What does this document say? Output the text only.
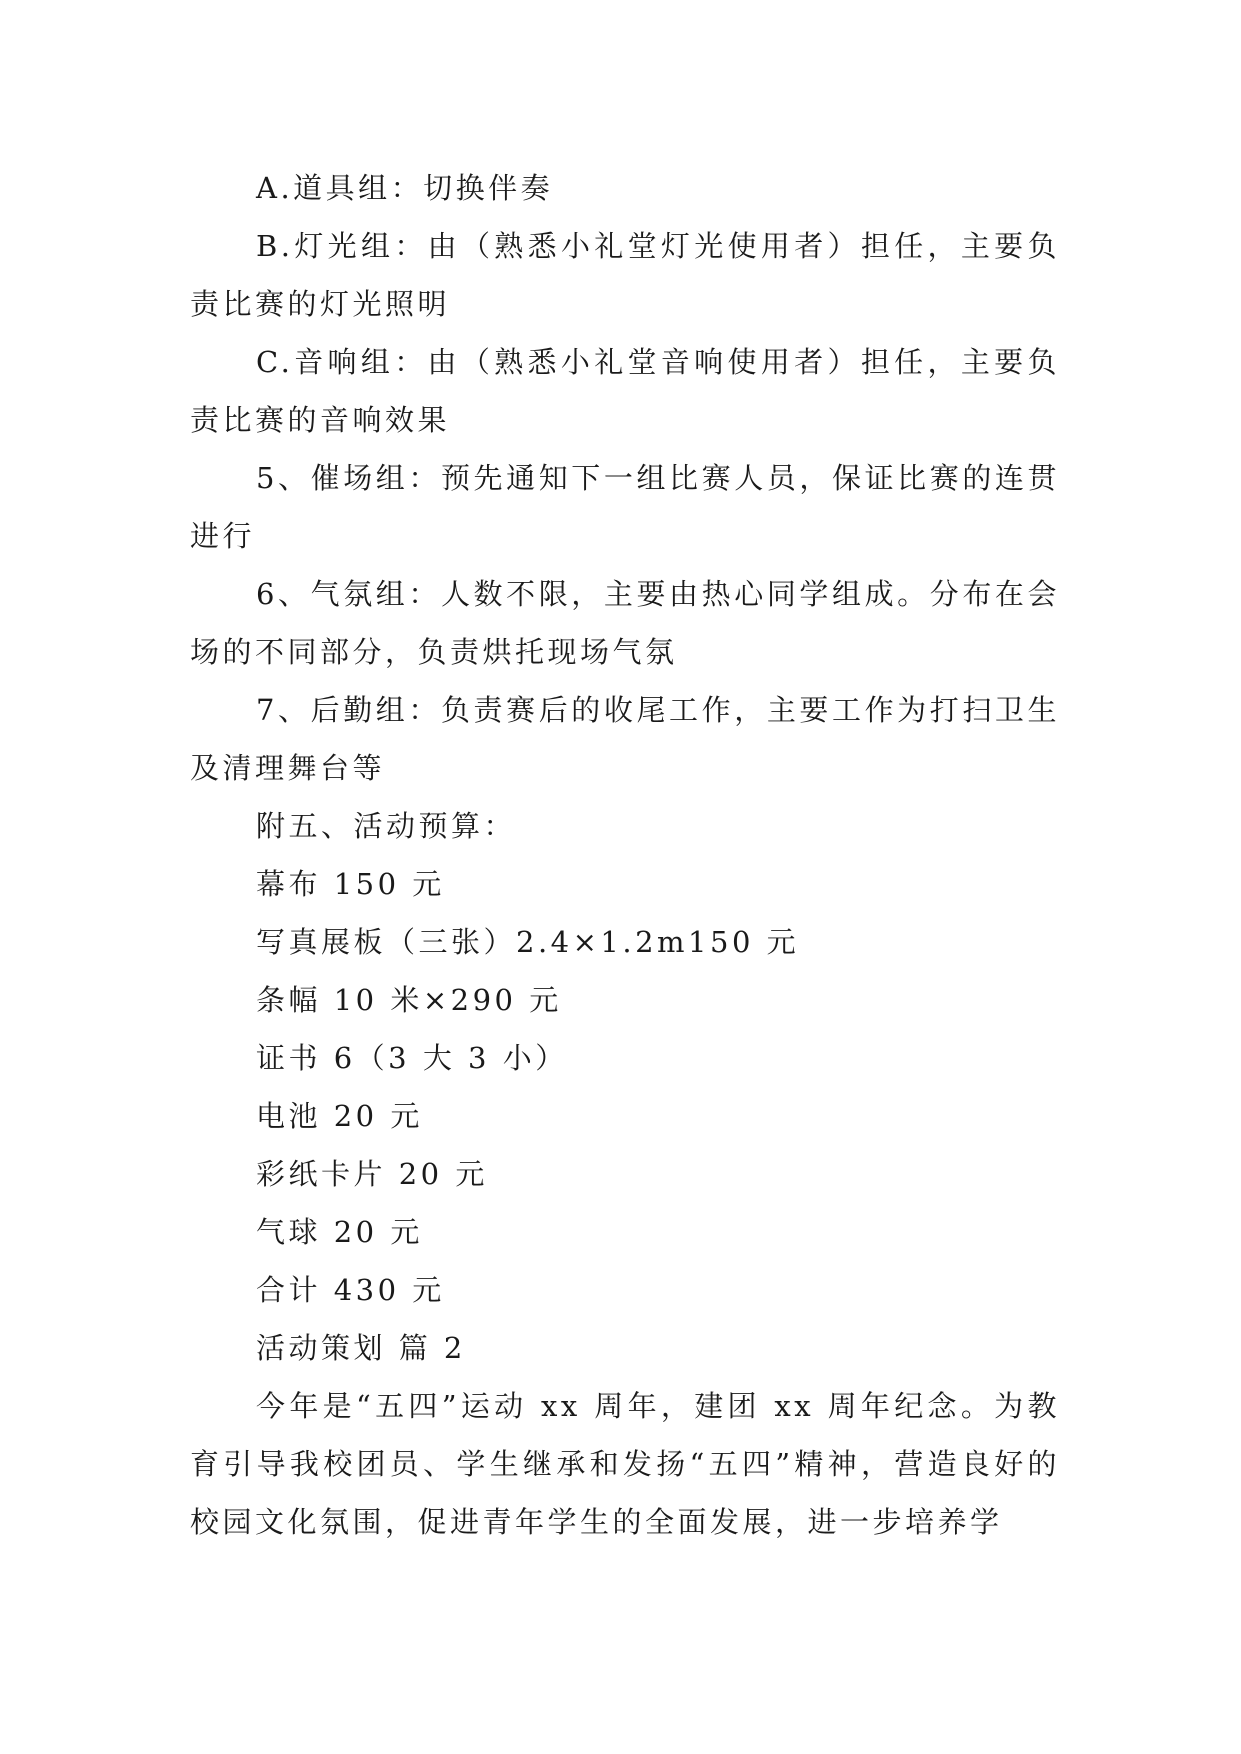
A.道具组：切换伴奏

B.灯光组：由（熟悉小礼堂灯光使用者）担任，主要负责比赛的灯光照明

C.音响组：由（熟悉小礼堂音响使用者）担任，主要负责比赛的音响效果

5、催场组：预先通知下一组比赛人员，保证比赛的连贯进行

6、气氛组：人数不限，主要由热心同学组成。分布在会场的不同部分，负责烘托现场气氛

7、后勤组：负责赛后的收尾工作，主要工作为打扫卫生及清理舞台等

附五、活动预算：

幕布 150 元

写真展板（三张）2.4×1.2m150 元

条幅 10 米×290 元

证书 6（3 大 3 小）

电池 20 元

彩纸卡片 20 元

气球 20 元

合计 430 元

活动策划 篇 2

今年是“五四”运动 xx 周年，建团 xx 周年纪念。为教育引导我校团员、学生继承和发扬“五四”精神，营造良好的校园文化氛围，促进青年学生的全面发展，进一步培养学
